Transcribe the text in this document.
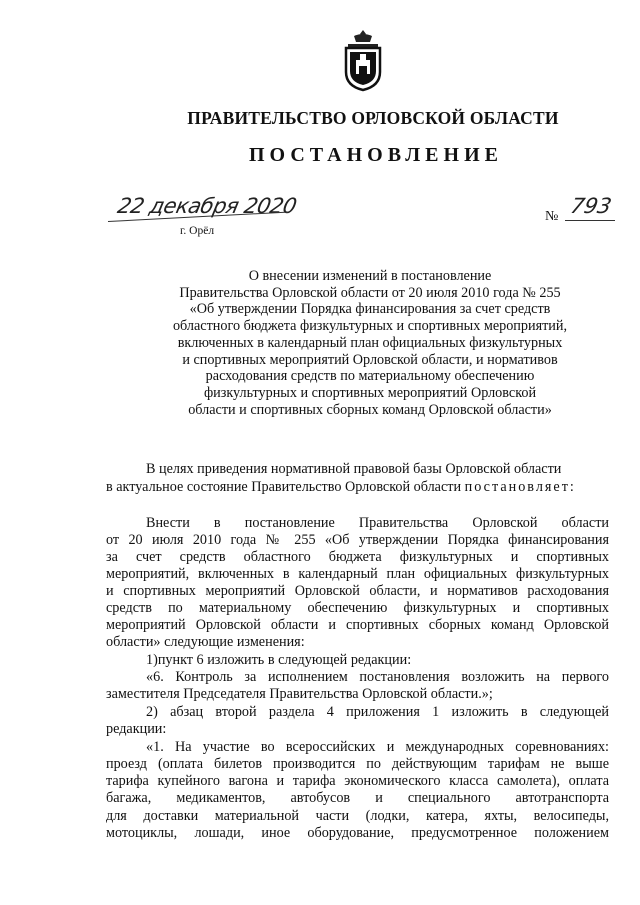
ПРАВИТЕЛЬСТВО ОРЛОВСКОЙ ОБЛАСТИ
ПОСТАНОВЛЕНИЕ
22 декабря 2020
г. Орёл
№ 793
О внесении изменений в постановление
Правительства Орловской области от 20 июля 2010 года № 255
«Об утверждении Порядка финансирования за счет средств
областного бюджета физкультурных и спортивных мероприятий,
включенных в календарный план официальных физкультурных
и спортивных мероприятий Орловской области, и нормативов
расходования средств по материальному обеспечению
физкультурных и спортивных мероприятий Орловской
области и спортивных сборных команд Орловской области»
В целях приведения нормативной правовой базы Орловской области
в актуальное состояние Правительство Орловской области постановляет:
Внести в постановление Правительства Орловской области
от 20 июля 2010 года № 255 «Об утверждении Порядка финансирования
за счет средств областного бюджета физкультурных и спортивных
мероприятий, включенных в календарный план официальных физкультурных
и спортивных мероприятий Орловской области, и нормативов расходования
средств по материальному обеспечению физкультурных и спортивных
мероприятий Орловской области и спортивных сборных команд Орловской
области» следующие изменения:
1)пункт 6 изложить в следующей редакции:
«6. Контроль за исполнением постановления возложить на первого
заместителя Председателя Правительства Орловской области.»;
2) абзац второй раздела 4 приложения 1 изложить в следующей
редакции:
«1. На участие во всероссийских и международных соревнованиях:
проезд (оплата билетов производится по действующим тарифам не выше
тарифа купейного вагона и тарифа экономического класса самолета), оплата
багажа, медикаментов, автобусов и специального автотранспорта
для доставки материальной части (лодки, катера, яхты, велосипеды,
мотоциклы, лошади, иное оборудование, предусмотренное положением
